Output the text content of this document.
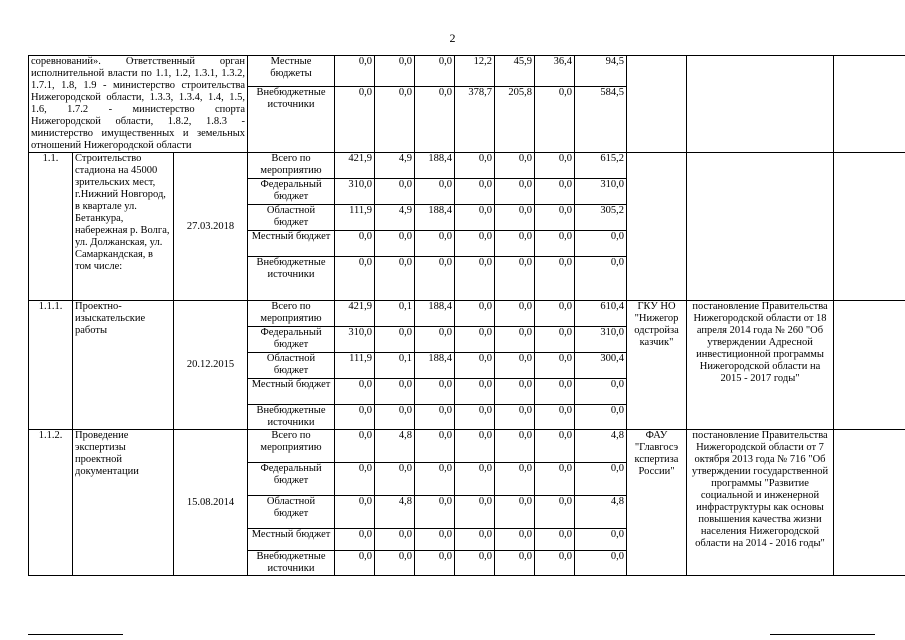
2
соревнований». Ответственный орган исполнительной власти по 1.1, 1.2, 1.3.1, 1.3.2, 1.7.1, 1.8, 1.9 - министерство строительства Нижегородской области, 1.3.3, 1.3.4, 1.4, 1.5, 1.6, 1.7.2 - министерство спорта Нижегородской области, 1.8.2, 1.8.3 - министерство имущественных и земельных отношений Нижегородской области			Местные бюджеты	0,0	0,0	0,0	12,2	45,9	36,4	94,5			
			Внебюджетные источники	0,0	0,0	0,0	378,7	205,8	0,0	584,5			
1.1.	Строительство стадиона на 45000 зрительских мест, г.Нижний Новгород, в квартале ул. Бетанкура, набережная р. Волга, ул. Должанская, ул. Самаркандская, в том числе:	27.03.2018	Всего по мероприятию	421,9	4,9	188,4	0,0	0,0	0,0	615,2			
			Федеральный бюджет	310,0	0,0	0,0	0,0	0,0	0,0	310,0			
			Областной бюджет	111,9	4,9	188,4	0,0	0,0	0,0	305,2			
			Местный бюджет	0,0	0,0	0,0	0,0	0,0	0,0	0,0			
			Внебюджетные источники	0,0	0,0	0,0	0,0	0,0	0,0	0,0			
1.1.1.	Проектно-изыскательские работы	20.12.2015	Всего по мероприятию	421,9	0,1	188,4	0,0	0,0	0,0	610,4	ГКУ НО "Нижегор одстройза казчик"	постановление Правительства Нижегородской области от 18 апреля 2014 года № 260 "Об утверждении Адресной инвестиционной программы Нижегородской области на 2015 - 2017 годы"	
			Федеральный бюджет	310,0	0,0	0,0	0,0	0,0	0,0	310,0			
			Областной бюджет	111,9	0,1	188,4	0,0	0,0	0,0	300,4			
			Местный бюджет	0,0	0,0	0,0	0,0	0,0	0,0	0,0			
			Внебюджетные источники	0,0	0,0	0,0	0,0	0,0	0,0	0,0			
1.1.2.	Проведение экспертизы проектной документации	15.08.2014	Всего по мероприятию	0,0	4,8	0,0	0,0	0,0	0,0	4,8	ФАУ "Главгосэ кспертиза России"	постановление Правительства Нижегородской области от 7 октября 2013 года № 716 "Об утверждении государственной программы "Развитие социальной и инженерной инфраструктуры как основы повышения качества жизни населения Нижегородской области на 2014 - 2016 годы"	
			Федеральный бюджет	0,0	0,0	0,0	0,0	0,0	0,0	0,0			
			Областной бюджет	0,0	4,8	0,0	0,0	0,0	0,0	4,8			
			Местный бюджет	0,0	0,0	0,0	0,0	0,0	0,0	0,0			
			Внебюджетные источники	0,0	0,0	0,0	0,0	0,0	0,0	0,0			
